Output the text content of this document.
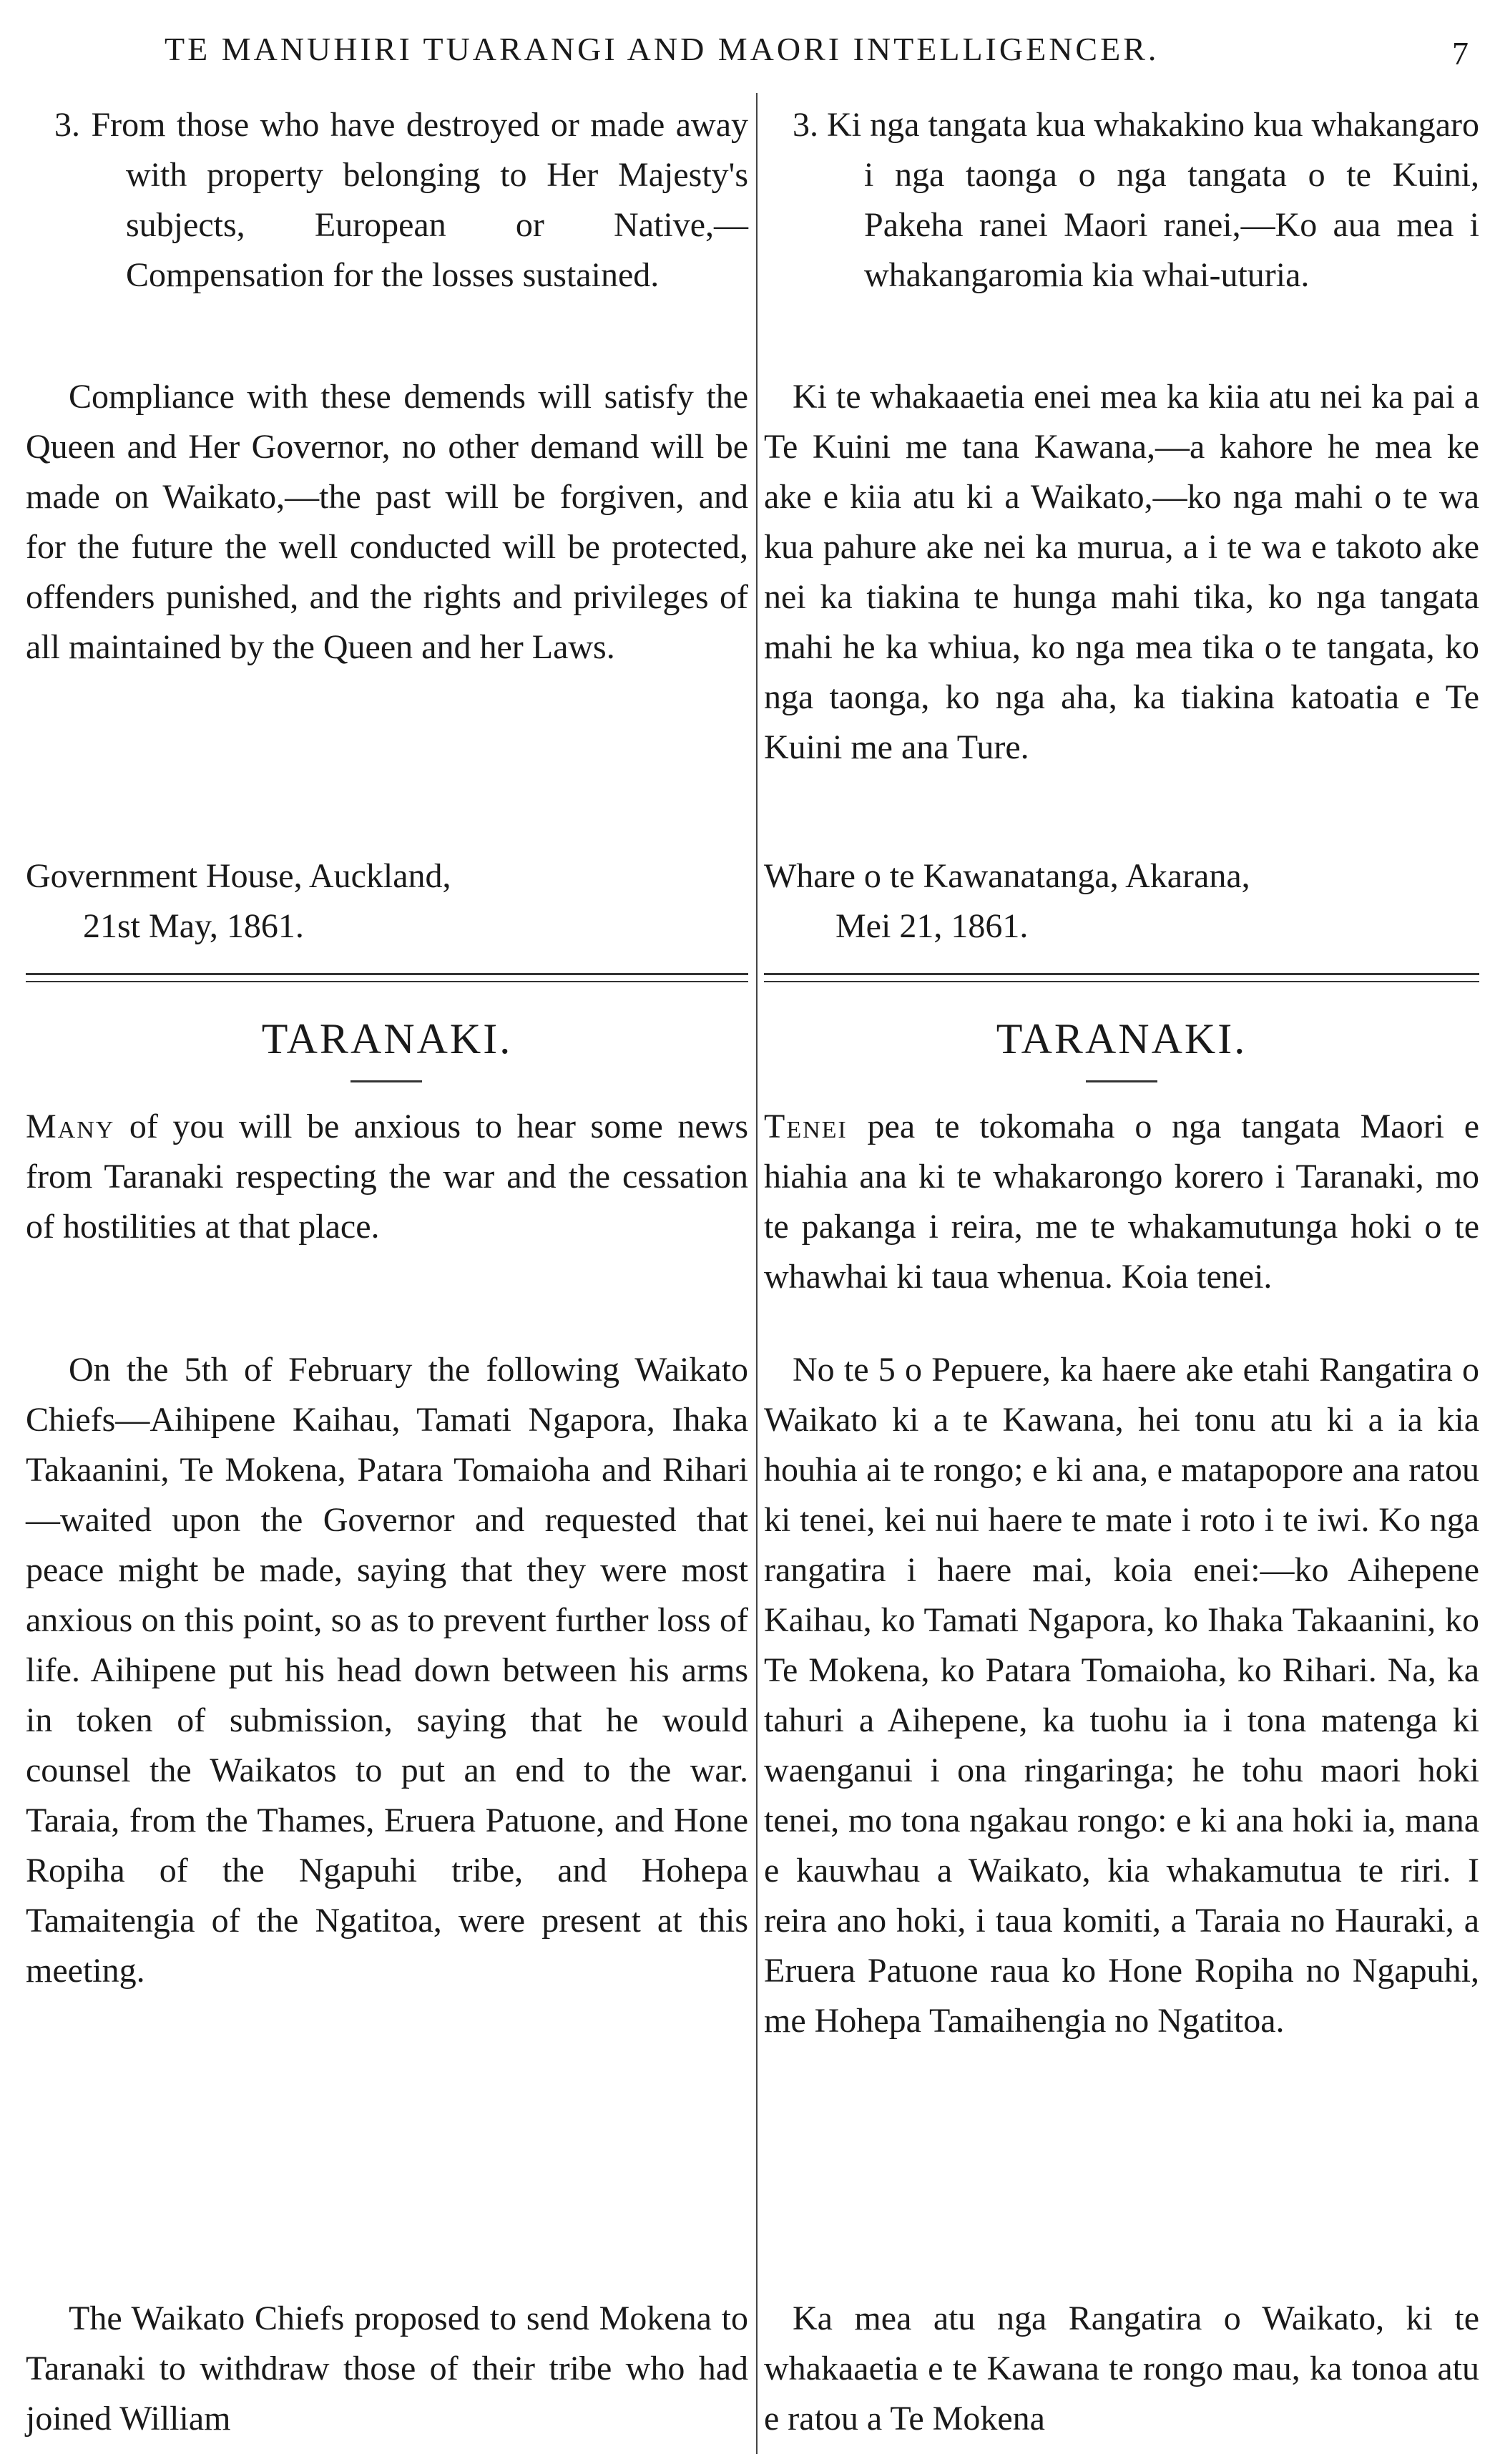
TE MANUHIRI TUARANGI AND MAORI INTELLIGENCER.	7

3. From those who have destroyed or made away with property belonging to Her Majesty's subjects, European or Native,—Compensation for the losses sustained.

Compliance with these demends will satisfy the Queen and Her Governor, no other demand will be made on Waikato,—the past will be forgiven, and for the future the well conducted will be protected, offenders punished, and the rights and privileges of all maintained by the Queen and her Laws.

Government House, Auckland,

21st May, 1861.

TARANAKI.

Many of you will be anxious to hear some news from Taranaki respecting the war and the cessation of hostilities at that place.

On the 5th of February the following Waikato Chiefs—Aihipene Kaihau, Tamati Ngapora, Ihaka Takaanini, Te Mokena, Patara Tomaioha and Rihari—waited upon the Governor and requested that peace might be made, saying that they were most anxious on this point, so as to prevent further loss of life. Aihipene put his head down between his arms in token of submission, saying that he would counsel the Waikatos to put an end to the war. Taraia, from the Thames, Eruera Patuone, and Hone Ropiha of the Ngapuhi tribe, and Hohepa Tamaitengia of the Ngatitoa, were present at this meeting.

The Waikato Chiefs proposed to send Mokena to Taranaki to withdraw those of their tribe who had joined William

3. Ki nga tangata kua whakakino kua whakangaro i nga taonga o nga tangata o te Kuini, Pakeha ranei Maori ranei,—Ko aua mea i whakangaromia kia whai-uturia.

Ki te whakaaetia enei mea ka kiia atu nei ka pai a Te Kuini me tana Kawana,—a kahore he mea ke ake e kiia atu ki a Waikato,—ko nga mahi o te wa kua pahure ake nei ka murua, a i te wa e takoto ake nei ka tiakina te hunga mahi tika, ko nga tangata mahi he ka whiua, ko nga mea tika o te tangata, ko nga taonga, ko nga aha, ka tiakina katoatia e Te Kuini me ana Ture.

Whare o te Kawanatanga, Akarana,

Mei 21, 1861.

TARANAKI.

Tenei pea te tokomaha o nga tangata Maori e hiahia ana ki te whakarongo korero i Taranaki, mo te pakanga i reira, me te whakamutunga hoki o te whawhai ki taua whenua. Koia tenei.

No te 5 o Pepuere, ka haere ake etahi Rangatira o Waikato ki a te Kawana, hei tonu atu ki a ia kia houhia ai te rongo; e ki ana, e matapopore ana ratou ki tenei, kei nui haere te mate i roto i te iwi. Ko nga rangatira i haere mai, koia enei:—ko Aihepene Kaihau, ko Tamati Ngapora, ko Ihaka Takaanini, ko Te Mokena, ko Patara Tomaioha, ko Rihari. Na, ka tahuri a Aihepene, ka tuohu ia i tona matenga ki waenganui i ona ringaringa; he tohu maori hoki tenei, mo tona ngakau rongo: e ki ana hoki ia, mana e kauwhau a Waikato, kia whakamutua te riri. I reira ano hoki, i taua komiti, a Taraia no Hauraki, a Eruera Patuone raua ko Hone Ropiha no Ngapuhi, me Hohepa Tamaihengia no Ngatitoa.

Ka mea atu nga Rangatira o Waikato, ki te whakaaetia e te Kawana te rongo mau, ka tonoa atu e ratou a Te Mokena
